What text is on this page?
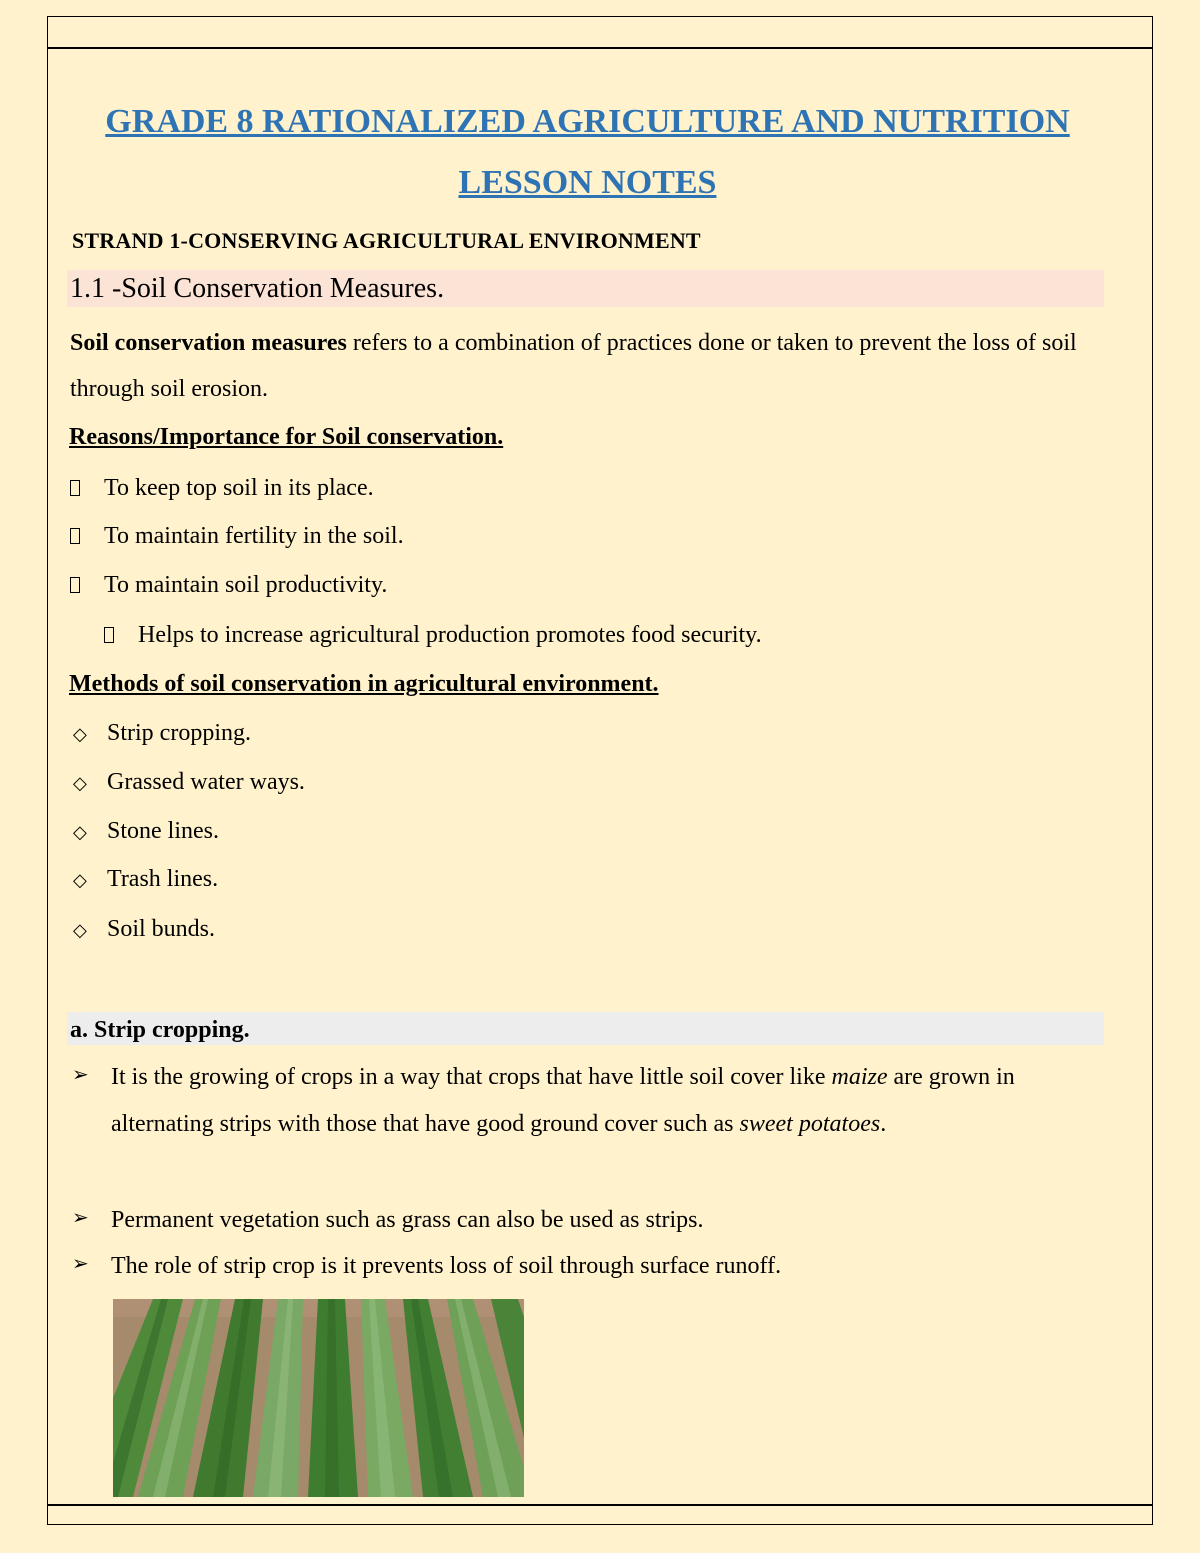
GRADE 8 RATIONALIZED AGRICULTURE AND NUTRITION
LESSON NOTES

STRAND 1-CONSERVING AGRICULTURAL ENVIRONMENT

1.1 -Soil Conservation Measures.

Soil conservation measures refers to a combination of practices done or taken to prevent the loss of soil through soil erosion.

Reasons/Importance for Soil conservation.

To keep top soil in its place.

To maintain fertility in the soil.

To maintain soil productivity.

Helps to increase agricultural production promotes food security.

Methods of soil conservation in agricultural environment.

◇ Strip cropping.

◇ Grassed water ways.

◇ Stone lines.

◇ Trash lines.

◇ Soil bunds.

a. Strip cropping.
➢ It is the growing of crops in a way that crops that have little soil cover like maize are grown in alternating strips with those that have good ground cover such as sweet potatoes.
➢ Permanent vegetation such as grass can also be used as strips.
➢ The role of strip crop is it prevents loss of soil through surface runoff.
